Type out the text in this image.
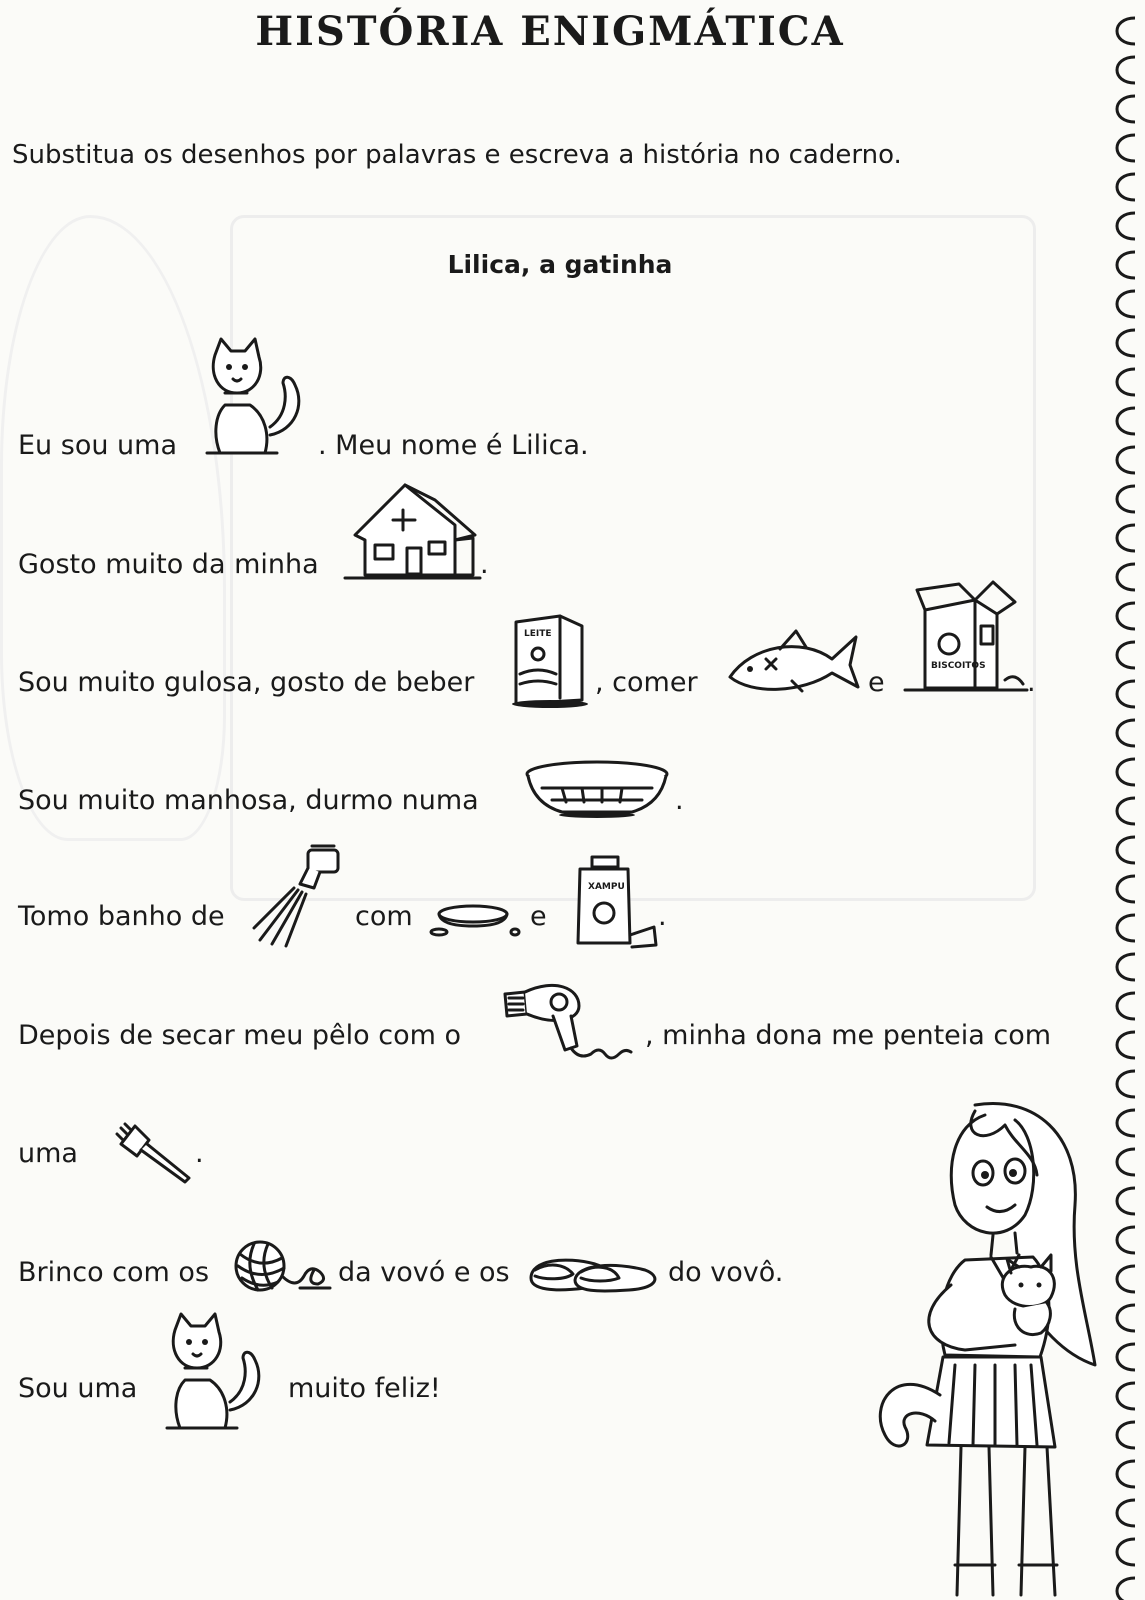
HISTÓRIA ENIGMÁTICA
Substitua os desenhos por palavras e escreva a história no caderno.
Lilica, a gatinha
Eu sou uma	. Meu nome é Lilica.
Gosto muito da minha	.
Sou muito gulosa, gosto de beber
LEITE
, comer	e
BISCOITOS
.
Sou muito manhosa, durmo numa	.
Tomo banho de	com	e
XAMPU
.
Depois de secar meu pêlo com o	, minha dona me penteia com
uma	.
Brinco com os	da vovó e os	do vovô.
Sou uma	muito feliz!
